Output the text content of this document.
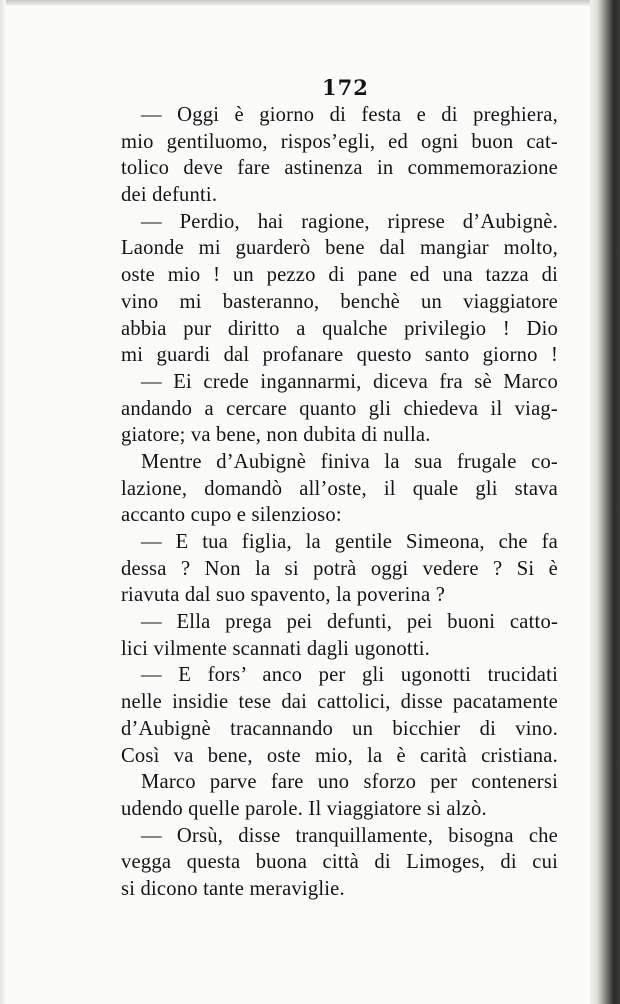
172
— Oggi è giorno di festa e di preghiera,
mio gentiluomo, rispos’egli, ed ogni buon cat-
tolico deve fare astinenza in commemorazione
dei defunti.
— Perdio, hai ragione, riprese d’Aubignè.
Laonde mi guarderò bene dal mangiar molto,
oste mio ! un pezzo di pane ed una tazza di
vino mi basteranno, benchè un viaggiatore
abbia pur diritto a qualche privilegio ! Dio
mi guardi dal profanare questo santo giorno !
— Ei crede ingannarmi, diceva fra sè Marco
andando a cercare quanto gli chiedeva il viag-
giatore; va bene, non dubita di nulla.
Mentre d’Aubignè finiva la sua frugale co-
lazione, domandò all’oste, il quale gli stava
accanto cupo e silenzioso:
— E tua figlia, la gentile Simeona, che fa
dessa ? Non la si potrà oggi vedere ? Si è
riavuta dal suo spavento, la poverina ?
— Ella prega pei defunti, pei buoni catto-
lici vilmente scannati dagli ugonotti.
— E fors’ anco per gli ugonotti trucidati
nelle insidie tese dai cattolici, disse pacatamente
d’Aubignè tracannando un bicchier di vino.
Così va bene, oste mio, la è carità cristiana.
Marco parve fare uno sforzo per contenersi
udendo quelle parole. Il viaggiatore si alzò.
— Orsù, disse tranquillamente, bisogna che
vegga questa buona città di Limoges, di cui
si dicono tante meraviglie.
